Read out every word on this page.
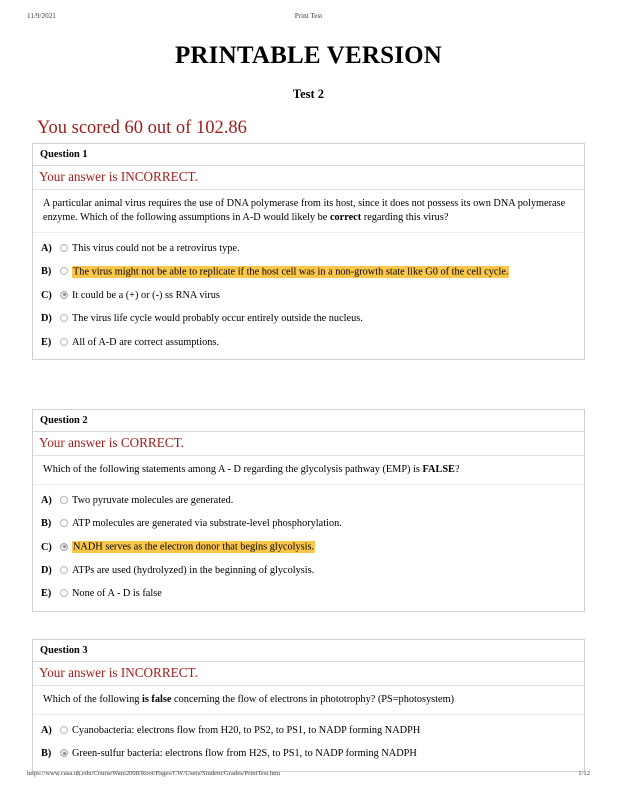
11/9/2021	Print Test
PRINTABLE VERSION
Test 2
You scored 60 out of 102.86
Question 1
Your answer is INCORRECT.
A particular animal virus requires the use of DNA polymerase from its host, since it does not possess its own DNA polymerase enzyme. Which of the following assumptions in A-D would likely be correct regarding this virus?
A) This virus could not be a retrovirus type.
B) The virus might not be able to replicate if the host cell was in a non-growth state like G0 of the cell cycle.
C) It could be a (+) or (-) ss RNA virus
D) The virus life cycle would probably occur entirely outside the nucleus.
E) All of A-D are correct assumptions.
Question 2
Your answer is CORRECT.
Which of the following statements among A - D regarding the glycolysis pathway (EMP) is FALSE?
A) Two pyruvate molecules are generated.
B) ATP molecules are generated via substrate-level phosphorylation.
C) NADH serves as the electron donor that begins glycolysis.
D) ATPs are used (hydrolyzed) in the beginning of glycolysis.
E) None of A - D is false
Question 3
Your answer is INCORRECT.
Which of the following is false concerning the flow of electrons in phototrophy? (PS=photosystem)
A) Cyanobacteria: electrons flow from H20, to PS2, to PS1, to NADP forming NADPH
B) Green-sulfur bacteria: electrons flow from H2S, to PS1, to NADP forming NADPH
https://www.casa.uh.edu/CourseWare2008/Root/Pages/CW/Users/Student/Grades/PrintTest.htm	1/12
